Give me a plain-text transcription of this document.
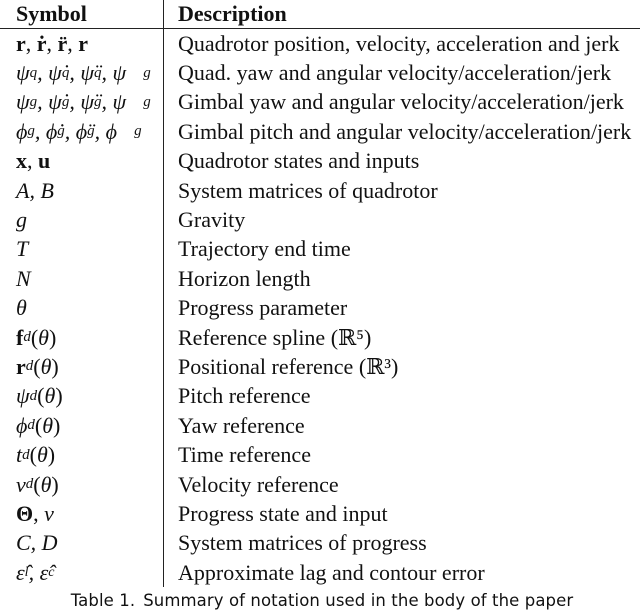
Symbol	Description
r , ṙ , r̈ , r⃛	Quadrotor position, velocity, acceleration and jerk
ψ q , ψ̇ q , ψ̈ q , ψ⃛ g	Quad. yaw and angular velocity/acceleration/jerk
ψ g , ψ̇ g , ψ̈ g , ψ⃛ g	Gimbal yaw and angular velocity/acceleration/jerk
ϕ g , ϕ̇ g , ϕ̈ g , ϕ⃛ g	Gimbal pitch and angular velocity/acceleration/jerk
x , u	Quadrotor states and inputs
A, B	System matrices of quadrotor
g	Gravity
T	Trajectory end time
N	Horizon length
θ	Progress parameter
f d ( θ )	Reference spline (ℝ⁵)
r d ( θ )	Positional reference (ℝ³)
ψ d ( θ )	Pitch reference
ϕ d ( θ )	Yaw reference
t d ( θ )	Time reference
v d ( θ )	Velocity reference
Θ , v	Progress state and input
C, D	System matrices of progress
ε̂ l , ε̂ c	Approximate lag and contour error
Table 1. Summary of notation used in the body of the paper
